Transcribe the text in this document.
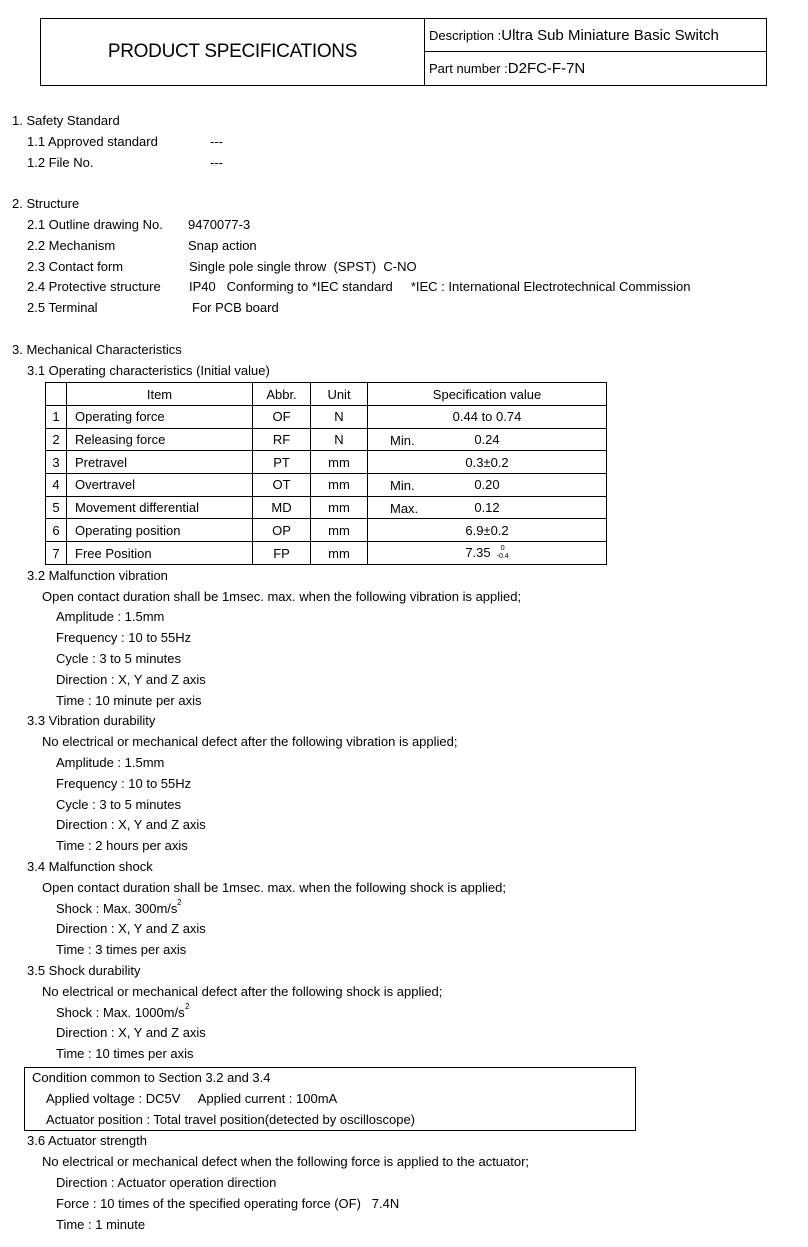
PRODUCT SPECIFICATIONS
Description : Ultra Sub Miniature Basic Switch
Part number : D2FC-F-7N
1. Safety Standard
1.1 Approved standard	---
1.2 File No.	---
2. Structure
2.1 Outline drawing No. 9470077-3
2.2 Mechanism	Snap action
2.3 Contact form	Single pole single throw  (SPST)  C-NO
2.4 Protective structure IP40   Conforming to *IEC standard     *IEC : International Electrotechnical Commission
2.5 Terminal	For PCB board
3. Mechanical Characteristics
3.1 Operating characteristics (Initial value)
	Item	Abbr.	Unit	Specification value
1	Operating force	OF	N	0.44 to 0.74
2	Releasing force	RF	N	Min. 0.24
3	Pretravel	PT	mm	0.3±0.2
4	Overtravel	OT	mm	Min. 0.20
5	Movement differential	MD	mm	Max. 0.12
6	Operating position	OP	mm	6.9±0.2
7	Free Position	FP	mm	7.35 0
-0.4
3.2 Malfunction vibration
Open contact duration shall be 1msec. max. when the following vibration is applied;
Amplitude : 1.5mm
Frequency : 10 to 55Hz
Cycle : 3 to 5 minutes
Direction : X, Y and Z axis
Time : 10 minute per axis
3.3 Vibration durability
No electrical or mechanical defect after the following vibration is applied;
Amplitude : 1.5mm
Frequency : 10 to 55Hz
Cycle : 3 to 5 minutes
Direction : X, Y and Z axis
Time : 2 hours per axis
3.4 Malfunction shock
Open contact duration shall be 1msec. max. when the following shock is applied;
Shock : Max. 300m/s 2
Direction : X, Y and Z axis
Time : 3 times per axis
3.5 Shock durability
No electrical or mechanical defect after the following shock is applied;
Shock : Max. 1000m/s 2
Direction : X, Y and Z axis
Time : 10 times per axis
Condition common to Section 3.2 and 3.4
Applied voltage : DC5V     Applied current : 100mA
Actuator position : Total travel position(detected by oscilloscope)
3.6 Actuator strength
No electrical or mechanical defect when the following force is applied to the actuator;
Direction : Actuator operation direction
Force : 10 times of the specified operating force (OF)   7.4N
Time : 1 minute
